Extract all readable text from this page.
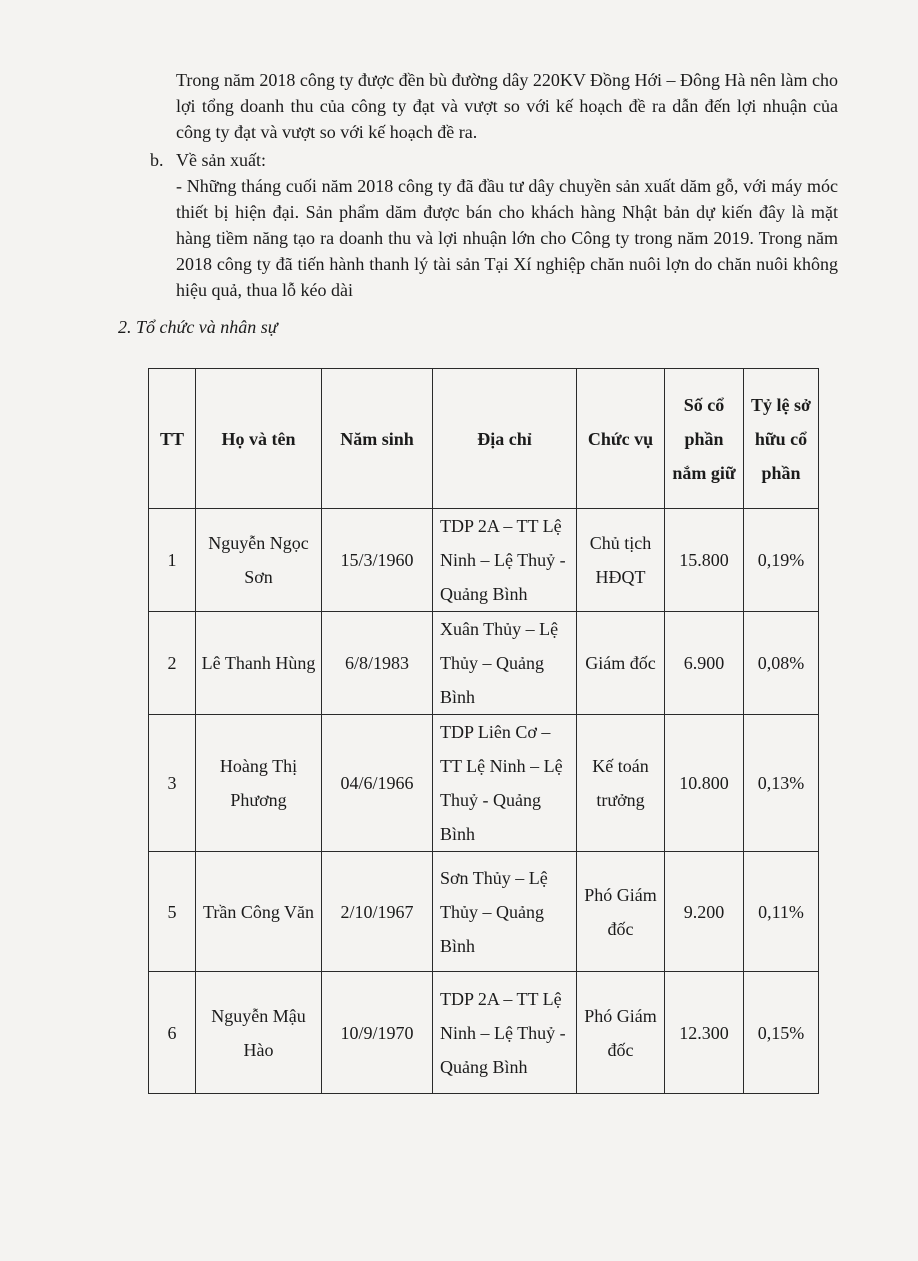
Trong năm 2018 công ty được đền bù đường dây 220KV Đồng Hới – Đông Hà nên làm cho lợi tổng doanh thu của công ty đạt và vượt so với kế hoạch đề ra dẫn đến lợi nhuận của công ty đạt và vượt so với kế hoạch đề ra.

b. Về sản xuất:

- Những tháng cuối năm 2018 công ty đã đầu tư dây chuyền sản xuất dăm gỗ, với máy móc thiết bị hiện đại. Sản phẩm dăm được bán cho khách hàng Nhật bản dự kiến đây là mặt hàng tiềm năng tạo ra doanh thu và lợi nhuận lớn cho Công ty trong năm 2019. Trong năm 2018 công ty đã tiến hành thanh lý tài sản Tại Xí nghiệp chăn nuôi lợn do chăn nuôi không hiệu quả, thua lỗ kéo dài

2. Tổ chức và nhân sự

TT	Họ và tên	Năm sinh	Địa chỉ	Chức vụ	Số cổ phần nắm giữ	Tỷ lệ sở hữu cổ phần
1	Nguyễn Ngọc Sơn	15/3/1960	TDP 2A – TT Lệ Ninh – Lệ Thuỷ - Quảng Bình	Chủ tịch HĐQT	15.800	0,19%
2	Lê Thanh Hùng	6/8/1983	Xuân Thủy – Lệ Thủy – Quảng Bình	Giám đốc	6.900	0,08%
3	Hoàng Thị Phương	04/6/1966	TDP Liên Cơ – TT Lệ Ninh – Lệ Thuỷ - Quảng Bình	Kế toán trưởng	10.800	0,13%
5	Trần Công Văn	2/10/1967	Sơn Thủy – Lệ Thủy – Quảng Bình	Phó Giám đốc	9.200	0,11%
6	Nguyễn Mậu Hào	10/9/1970	TDP 2A – TT Lệ Ninh – Lệ Thuỷ - Quảng Bình	Phó Giám đốc	12.300	0,15%
